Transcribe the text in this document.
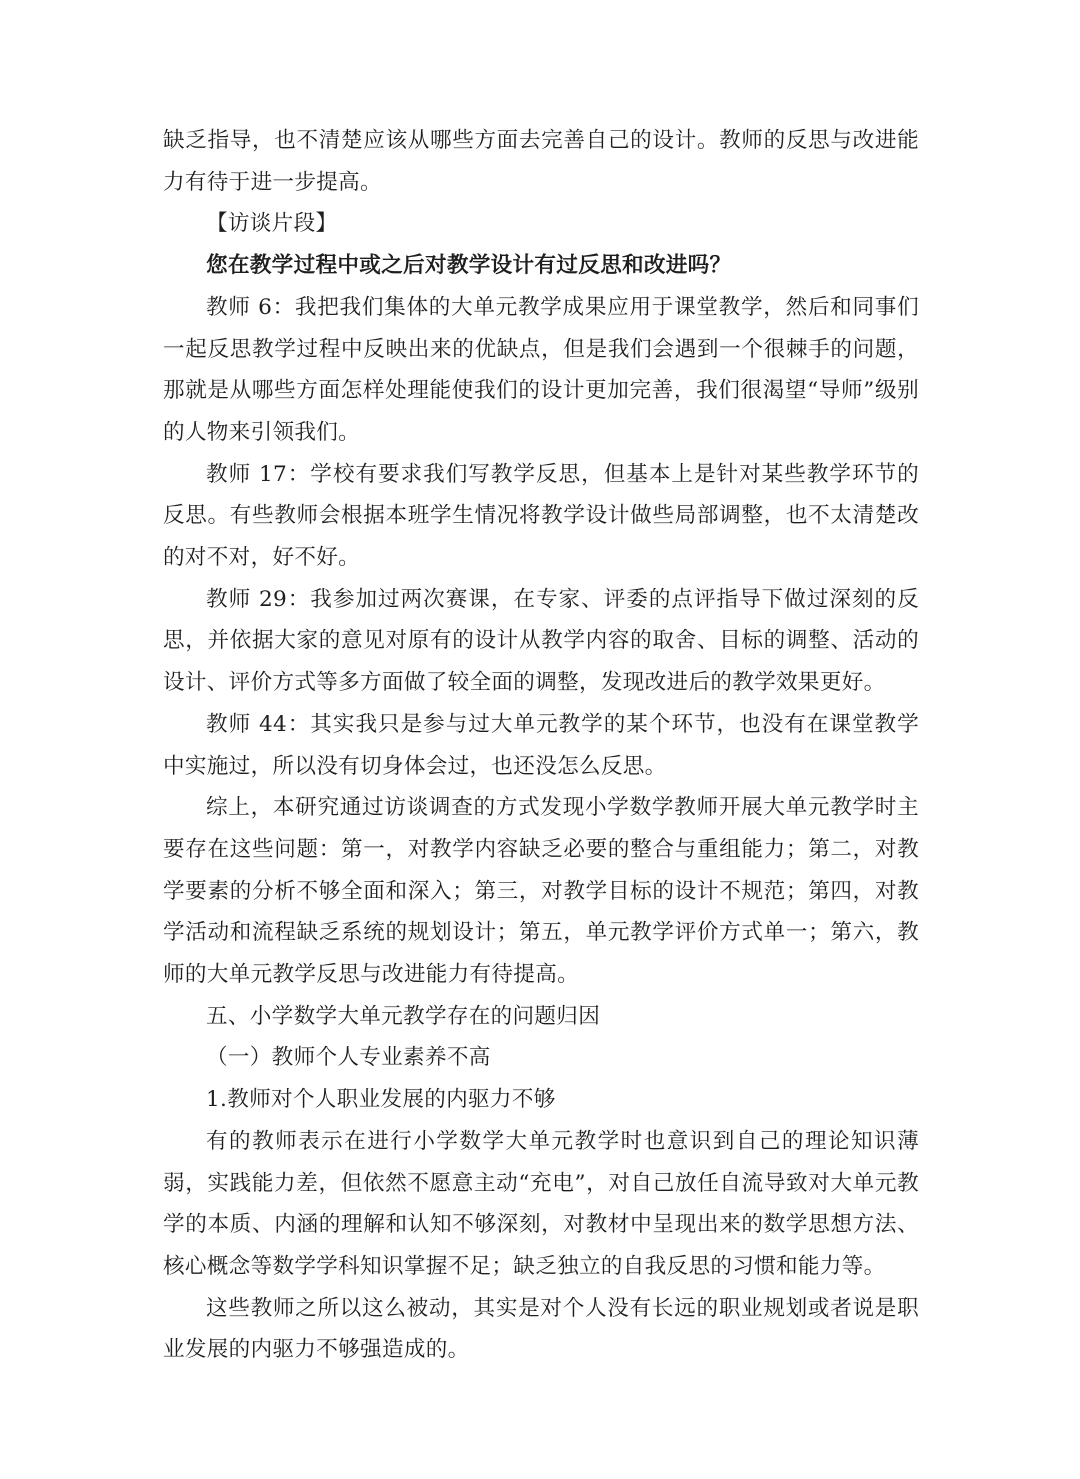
缺乏指导，也不清楚应该从哪些方面去完善自己的设计。教师的反思与改进能力有待于进一步提高。

【访谈片段】

您在教学过程中或之后对教学设计有过反思和改进吗？

教师 6：我把我们集体的大单元教学成果应用于课堂教学，然后和同事们一起反思教学过程中反映出来的优缺点，但是我们会遇到一个很棘手的问题，那就是从哪些方面怎样处理能使我们的设计更加完善，我们很渴望“导师”级别的人物来引领我们。

教师 17：学校有要求我们写教学反思，但基本上是针对某些教学环节的反思。有些教师会根据本班学生情况将教学设计做些局部调整，也不太清楚改的对不对，好不好。

教师 29：我参加过两次赛课，在专家、评委的点评指导下做过深刻的反思，并依据大家的意见对原有的设计从教学内容的取舍、目标的调整、活动的设计、评价方式等多方面做了较全面的调整，发现改进后的教学效果更好。

教师 44：其实我只是参与过大单元教学的某个环节，也没有在课堂教学中实施过，所以没有切身体会过，也还没怎么反思。

综上，本研究通过访谈调查的方式发现小学数学教师开展大单元教学时主要存在这些问题：第一，对教学内容缺乏必要的整合与重组能力；第二，对教学要素的分析不够全面和深入；第三，对教学目标的设计不规范；第四，对教学活动和流程缺乏系统的规划设计；第五，单元教学评价方式单一；第六，教师的大单元教学反思与改进能力有待提高。

五、小学数学大单元教学存在的问题归因

（一）教师个人专业素养不高

1.教师对个人职业发展的内驱力不够

有的教师表示在进行小学数学大单元教学时也意识到自己的理论知识薄弱，实践能力差，但依然不愿意主动“充电”，对自己放任自流导致对大单元教学的本质、内涵的理解和认知不够深刻，对教材中呈现出来的数学思想方法、核心概念等数学学科知识掌握不足；缺乏独立的自我反思的习惯和能力等。

这些教师之所以这么被动，其实是对个人没有长远的职业规划或者说是职业发展的内驱力不够强造成的。
